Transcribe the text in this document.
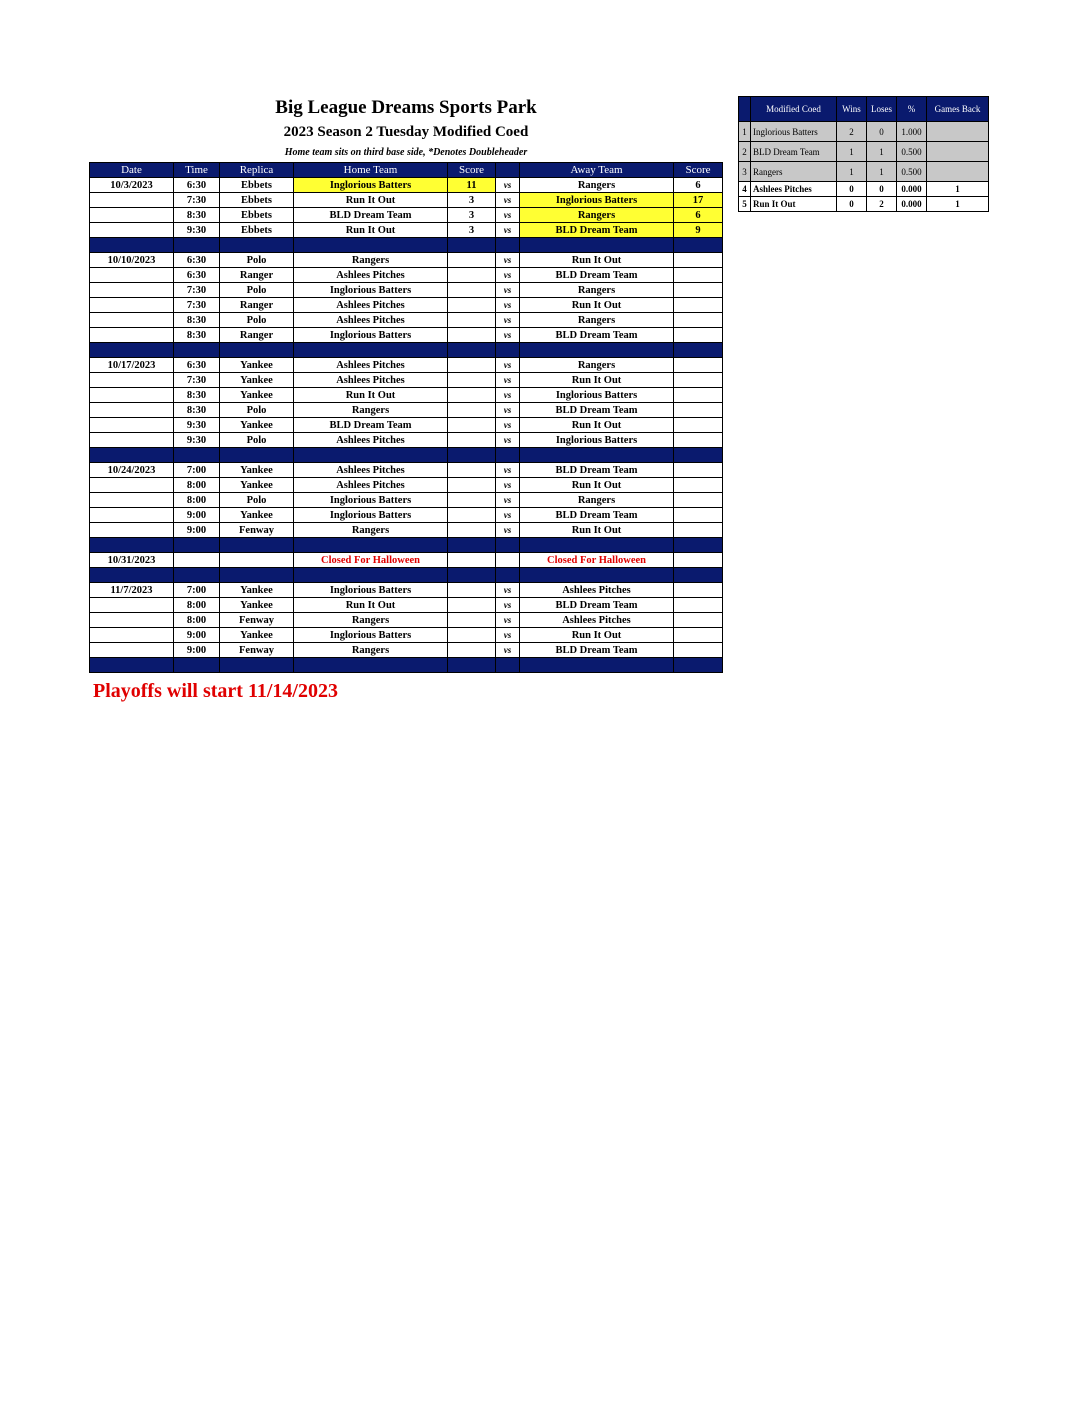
Big League Dreams Sports Park
2023 Season 2 Tuesday Modified Coed
Home team sits on third base side, *Denotes Doubleheader
Date	Time	Replica	Home Team	Score		Away Team	Score
10/3/2023	6:30	Ebbets	Inglorious Batters	11	vs	Rangers	6
	7:30	Ebbets	Run It Out	3	vs	Inglorious Batters	17
	8:30	Ebbets	BLD Dream Team	3	vs	Rangers	6
	9:30	Ebbets	Run It Out	3	vs	BLD Dream Team	9

10/10/2023	6:30	Polo	Rangers		vs	Run It Out	
	6:30	Ranger	Ashlees Pitches		vs	BLD Dream Team	
	7:30	Polo	Inglorious Batters		vs	Rangers	
	7:30	Ranger	Ashlees Pitches		vs	Run It Out	
	8:30	Polo	Ashlees Pitches		vs	Rangers	
	8:30	Ranger	Inglorious Batters		vs	BLD Dream Team	

10/17/2023	6:30	Yankee	Ashlees Pitches		vs	Rangers	
	7:30	Yankee	Ashlees Pitches		vs	Run It Out	
	8:30	Yankee	Run It Out		vs	Inglorious Batters	
	8:30	Polo	Rangers		vs	BLD Dream Team	
	9:30	Yankee	BLD Dream Team		vs	Run It Out	
	9:30	Polo	Ashlees Pitches		vs	Inglorious Batters	

10/24/2023	7:00	Yankee	Ashlees Pitches		vs	BLD Dream Team	
	8:00	Yankee	Ashlees Pitches		vs	Run It Out	
	8:00	Polo	Inglorious Batters		vs	Rangers	
	9:00	Yankee	Inglorious Batters		vs	BLD Dream Team	
	9:00	Fenway	Rangers		vs	Run It Out	

10/31/2023			Closed For Halloween			Closed For Halloween	

11/7/2023	7:00	Yankee	Inglorious Batters		vs	Ashlees Pitches	
	8:00	Yankee	Run It Out		vs	BLD Dream Team	
	8:00	Fenway	Rangers		vs	Ashlees Pitches	
	9:00	Yankee	Inglorious Batters		vs	Run It Out	
	9:00	Fenway	Rangers		vs	BLD Dream Team	

	Modified Coed	Wins	Loses	%	Games Back
1	Inglorious Batters	2	0	1.000	
2	BLD Dream Team	1	1	0.500	
3	Rangers	1	1	0.500	
4	Ashlees Pitches	0	0	0.000	1
5	Run It Out	0	2	0.000	1
Playoffs will start 11/14/2023
